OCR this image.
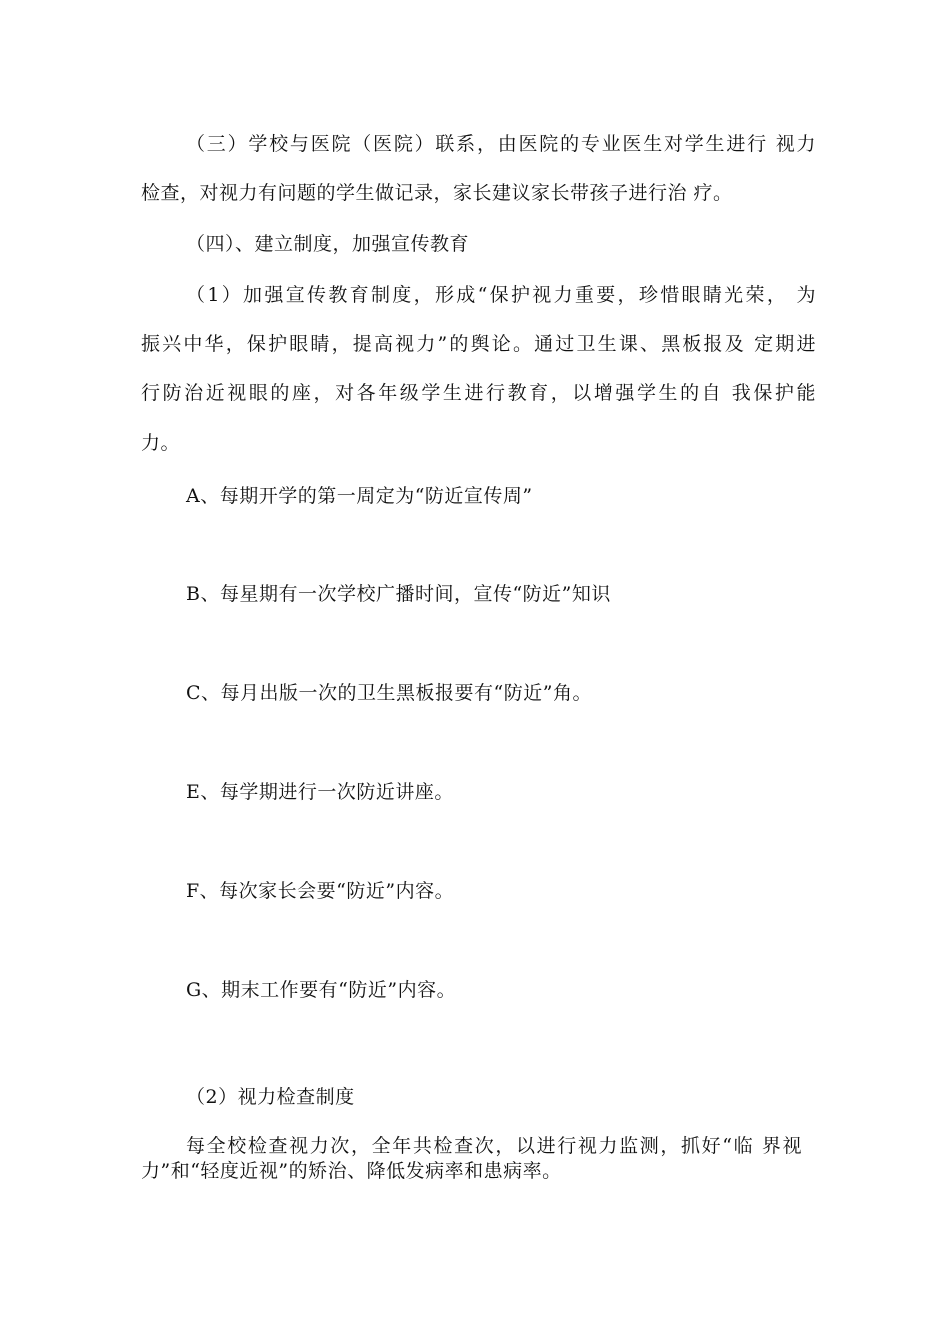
（三）学校与医院（医院）联系，由医院的专业医生对学生进行 视力
检查，对视力有问题的学生做记录，家长建议家长带孩子进行治 疗。
（四）、建立制度，加强宣传教育
（1）加强宣传教育制度，形成“保护视力重要，珍惜眼睛光荣， 为
振兴中华，保护眼睛，提高视力”的舆论。通过卫生课、黑板报及 定期进
行防治近视眼的座，对各年级学生进行教育，以增强学生的自 我保护能
力。
A、每期开学的第一周定为“防近宣传周”
B、每星期有一次学校广播时间，宣传“防近”知识
C、每月出版一次的卫生黑板报要有“防近”角。
E、每学期进行一次防近讲座。
F、每次家长会要“防近”内容。
G、期末工作要有“防近”内容。
（2）视力检查制度
每全校检查视力次，全年共检查次，以进行视力监测，抓好“临 界视
力”和“轻度近视”的矫治、降低发病率和患病率。
